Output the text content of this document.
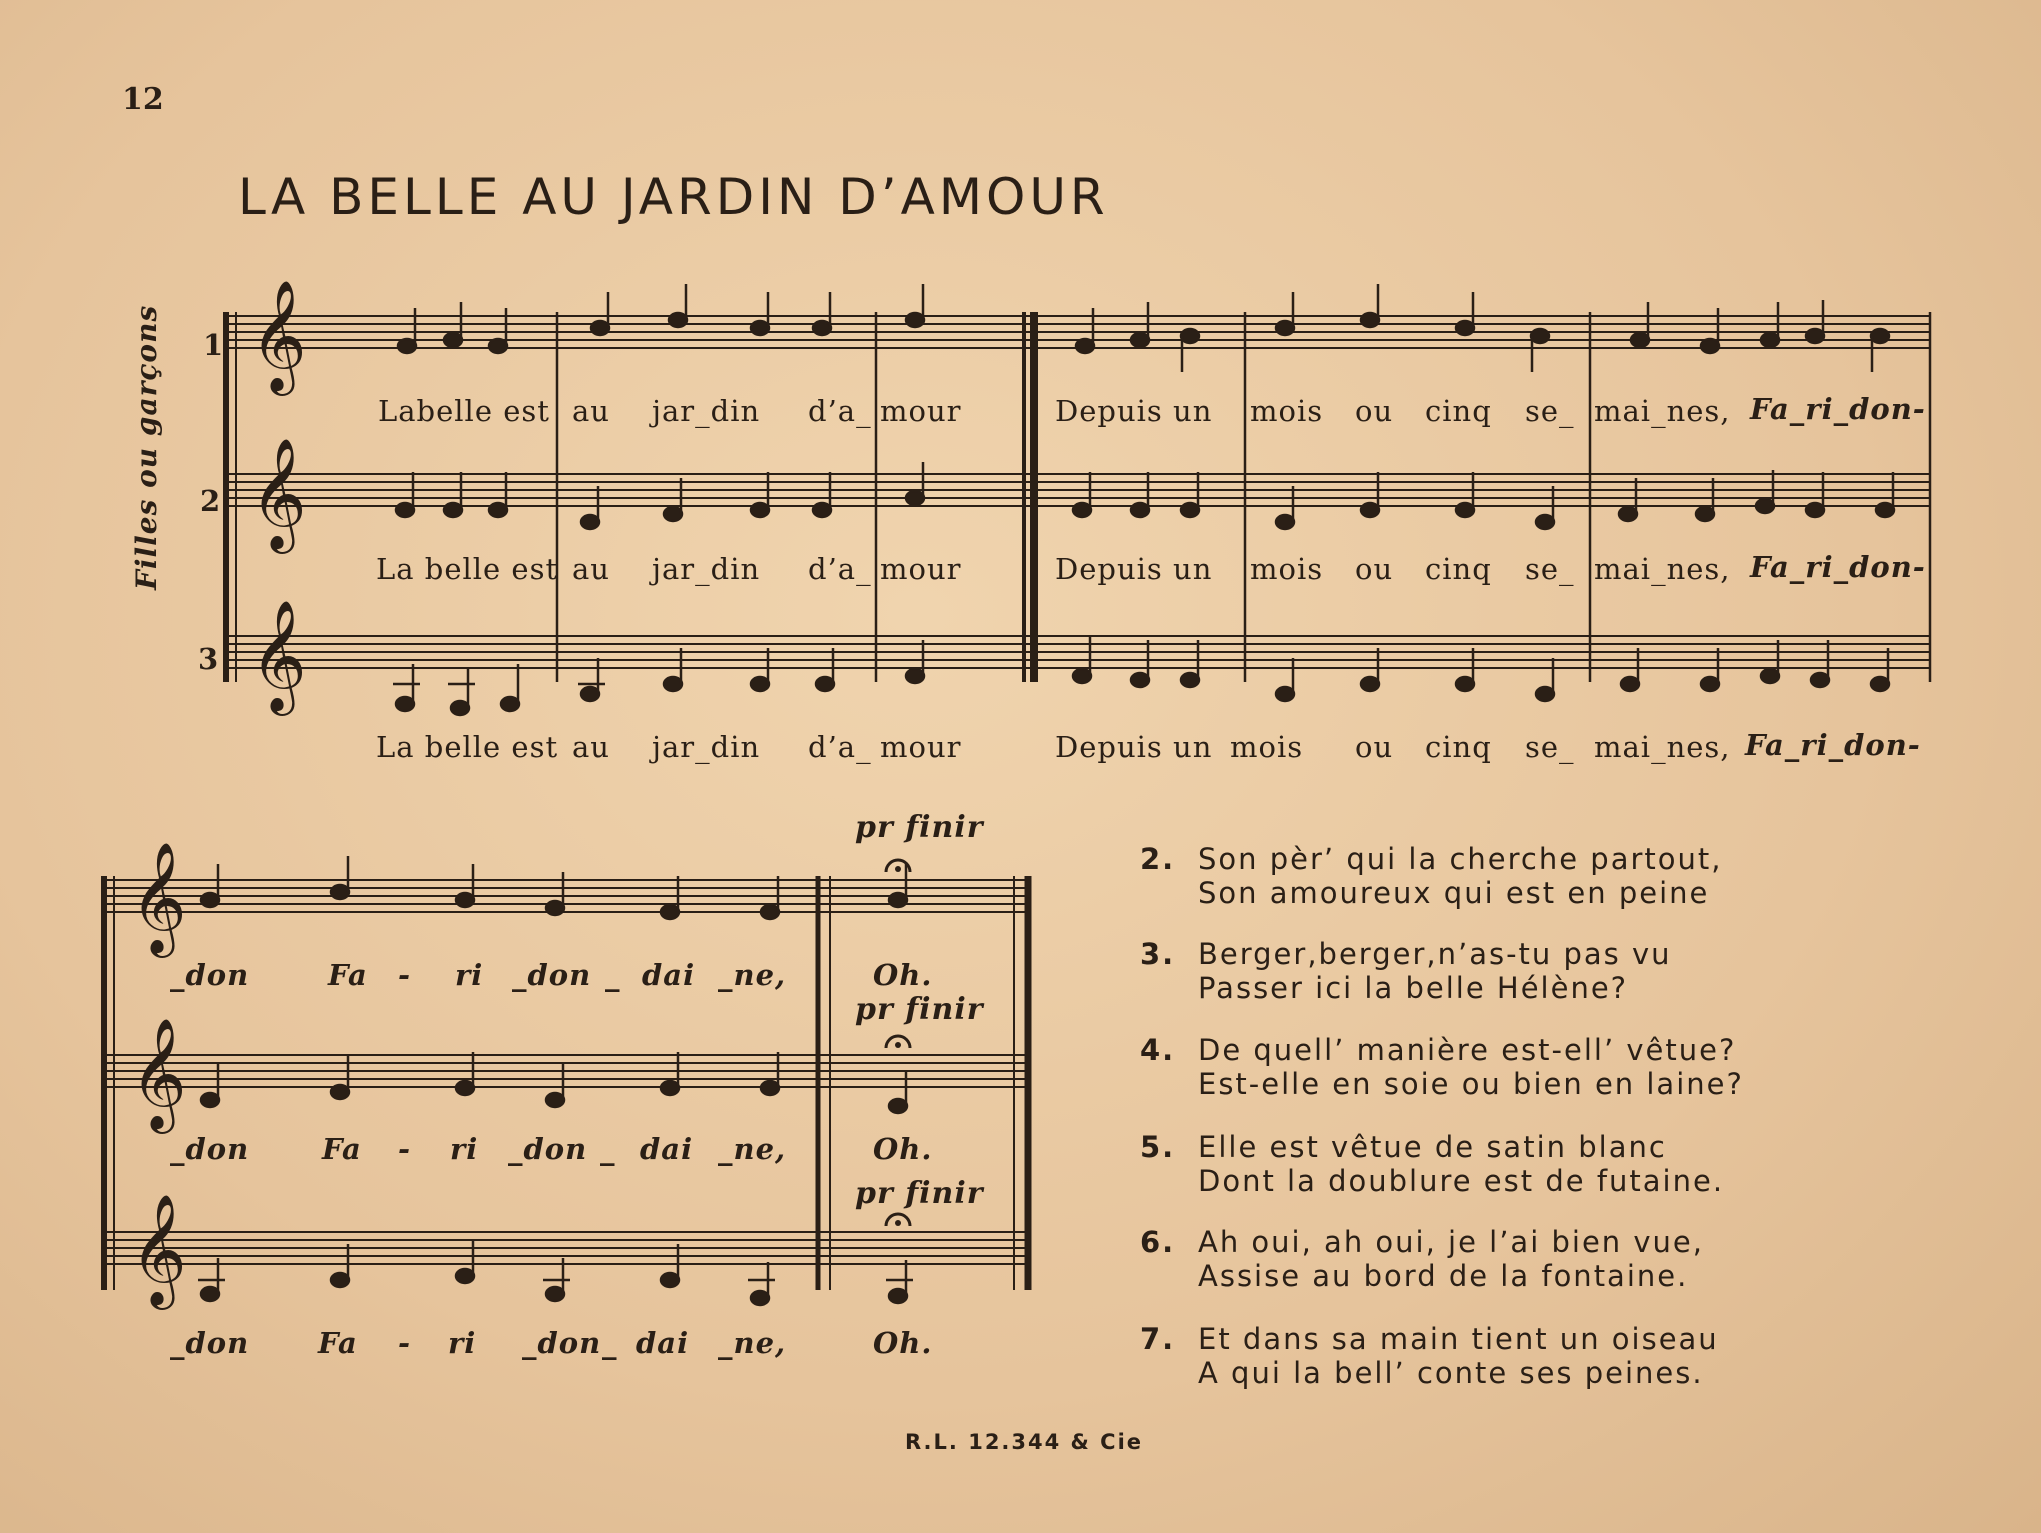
12
LA BELLE AU JARDIN D’AMOUR
Filles ou garçons 𝄞
𝄞
𝄞
𝄞
𝄞
𝄞
1
2
3
Labelle est au jar_din d’a_ mour	Depuis un mois ou cinq se_ mai_nes, Fa_ri_don-
La belle est au jar_din d’a_ mour	Depuis un mois ou cinq se_ mai_nes, Fa_ri_don-
La belle est au jar_din d’a_ mour	Depuis un mois ou cinq se_ mai_nes, Fa_ri_don-
pr finir
pr finir
pr finir
_don	Fa - ri _don _ dai _ne,	Oh.
_don	Fa - ri _don _ dai _ne,	Oh.
_don Fa - ri _don _ dai _ne,	Oh.
2. Son pèr’ qui la cherche partout,
Son amoureux qui est en peine
3. Berger,berger,n’as-tu pas vu
Passer ici la belle Hélène?
4. De quell’ manière est-ell’ vêtue?
Est-elle en soie ou bien en laine?
5. Elle est vêtue de satin blanc
Dont la doublure est de futaine.
6. Ah oui, ah oui, je l’ai bien vue,
Assise au bord de la fontaine.
7. Et dans sa main tient un oiseau
A qui la bell’ conte ses peines.
R.L. 12.344 & Cie
